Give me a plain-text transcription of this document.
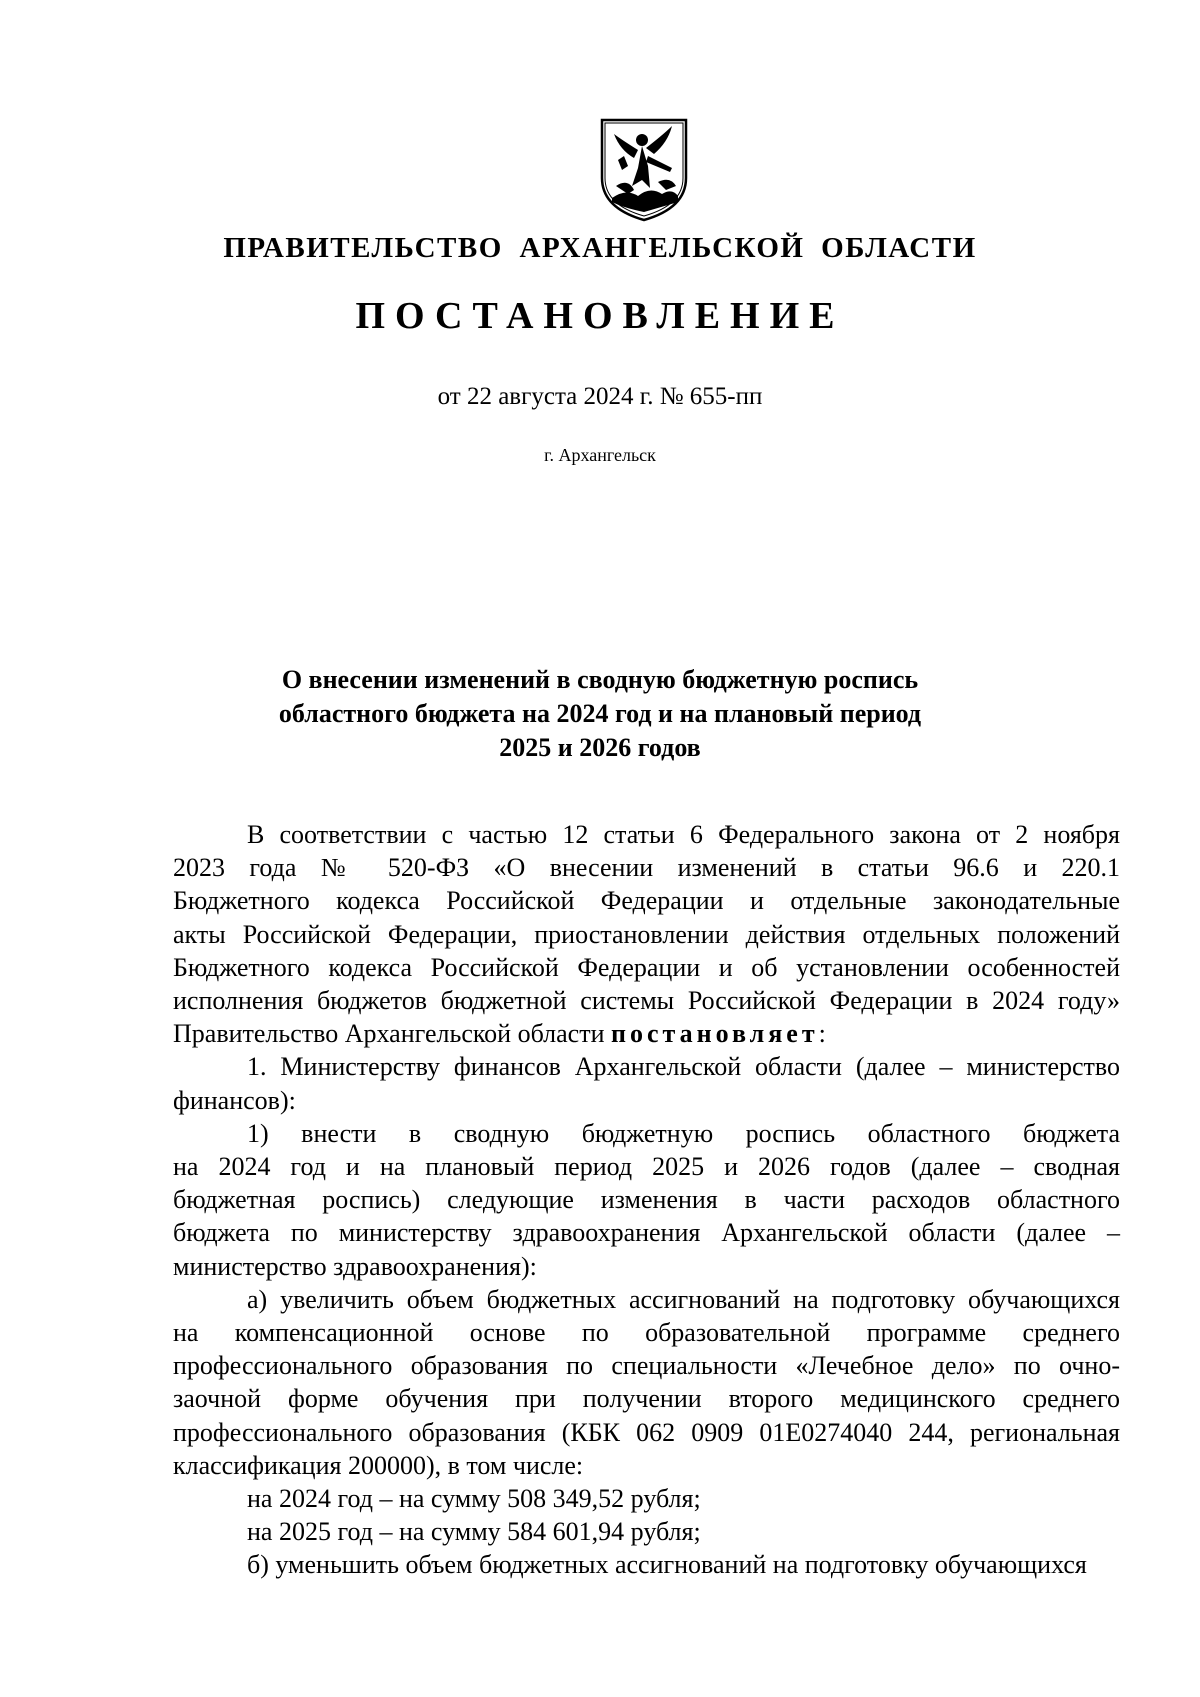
ПРАВИТЕЛЬСТВО АРХАНГЕЛЬСКОЙ ОБЛАСТИ
ПОСТАНОВЛЕНИЕ
от 22 августа 2024 г. № 655-пп
г. Архангельск
О внесении изменений в сводную бюджетную роспись
областного бюджета на 2024 год и на плановый период
2025 и 2026 годов

В соответствии с частью 12 статьи 6 Федерального закона от 2 ноября
2023 года № 520-ФЗ «О внесении изменений в статьи 96.6 и 220.1
Бюджетного кодекса Российской Федерации и отдельные законодательные
акты Российской Федерации, приостановлении действия отдельных положений
Бюджетного кодекса Российской Федерации и об установлении особенностей
исполнения бюджетов бюджетной системы Российской Федерации в 2024 году»
Правительство Архангельской области постановляет:

1. Министерству финансов Архангельской области (далее – министерство
финансов):

1) внести в сводную бюджетную роспись областного бюджета
на 2024 год и на плановый период 2025 и 2026 годов (далее – сводная
бюджетная роспись) следующие изменения в части расходов областного
бюджета по министерству здравоохранения Архангельской области (далее –
министерство здравоохранения):

а) увеличить объем бюджетных ассигнований на подготовку обучающихся
на компенсационной основе по образовательной программе среднего
профессионального образования по специальности «Лечебное дело» по очно-
заочной форме обучения при получении второго медицинского среднего
профессионального образования (КБК 062 0909 01Е0274040 244, региональная
классификация 200000), в том числе:

на 2024 год – на сумму 508 349,52 рубля;

на 2025 год – на сумму 584 601,94 рубля;

б) уменьшить объем бюджетных ассигнований на подготовку обучающихся
